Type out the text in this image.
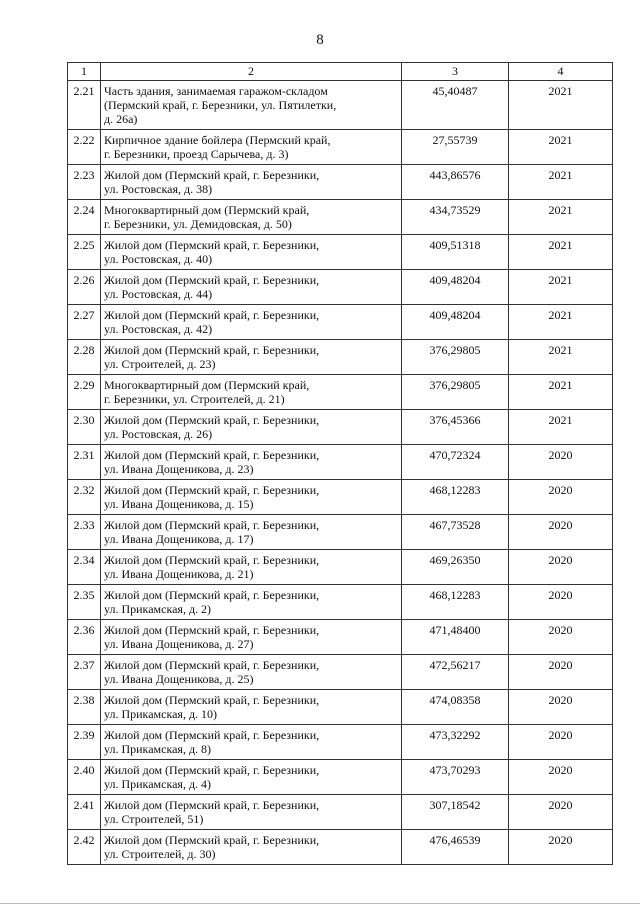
8
1	2	3	4
2.21	Часть здания, занимаемая гаражом-складом
(Пермский край, г. Березники, ул. Пятилетки,
д. 26а)	45,40487	2021
2.22	Кирпичное здание бойлера (Пермский край,
г. Березники, проезд Сарычева, д. 3)	27,55739	2021
2.23	Жилой дом (Пермский край, г. Березники,
ул. Ростовская, д. 38)	443,86576	2021
2.24	Многоквартирный дом (Пермский край,
г. Березники, ул. Демидовская, д. 50)	434,73529	2021
2.25	Жилой дом (Пермский край, г. Березники,
ул. Ростовская, д. 40)	409,51318	2021
2.26	Жилой дом (Пермский край, г. Березники,
ул. Ростовская, д. 44)	409,48204	2021
2.27	Жилой дом (Пермский край, г. Березники,
ул. Ростовская, д. 42)	409,48204	2021
2.28	Жилой дом (Пермский край, г. Березники,
ул. Строителей, д. 23)	376,29805	2021
2.29	Многоквартирный дом (Пермский край,
г. Березники, ул. Строителей, д. 21)	376,29805	2021
2.30	Жилой дом (Пермский край, г. Березники,
ул. Ростовская, д. 26)	376,45366	2021
2.31	Жилой дом (Пермский край, г. Березники,
ул. Ивана Дощеникова, д. 23)	470,72324	2020
2.32	Жилой дом (Пермский край, г. Березники,
ул. Ивана Дощеникова, д. 15)	468,12283	2020
2.33	Жилой дом (Пермский край, г. Березники,
ул. Ивана Дощеникова, д. 17)	467,73528	2020
2.34	Жилой дом (Пермский край, г. Березники,
ул. Ивана Дощеникова, д. 21)	469,26350	2020
2.35	Жилой дом (Пермский край, г. Березники,
ул. Прикамская, д. 2)	468,12283	2020
2.36	Жилой дом (Пермский край, г. Березники,
ул. Ивана Дощеникова, д. 27)	471,48400	2020
2.37	Жилой дом (Пермский край, г. Березники,
ул. Ивана Дощеникова, д. 25)	472,56217	2020
2.38	Жилой дом (Пермский край, г. Березники,
ул. Прикамская, д. 10)	474,08358	2020
2.39	Жилой дом (Пермский край, г. Березники,
ул. Прикамская, д. 8)	473,32292	2020
2.40	Жилой дом (Пермский край, г. Березники,
ул. Прикамская, д. 4)	473,70293	2020
2.41	Жилой дом (Пермский край, г. Березники,
ул. Строителей, 51)	307,18542	2020
2.42	Жилой дом (Пермский край, г. Березники,
ул. Строителей, д. 30)	476,46539	2020
